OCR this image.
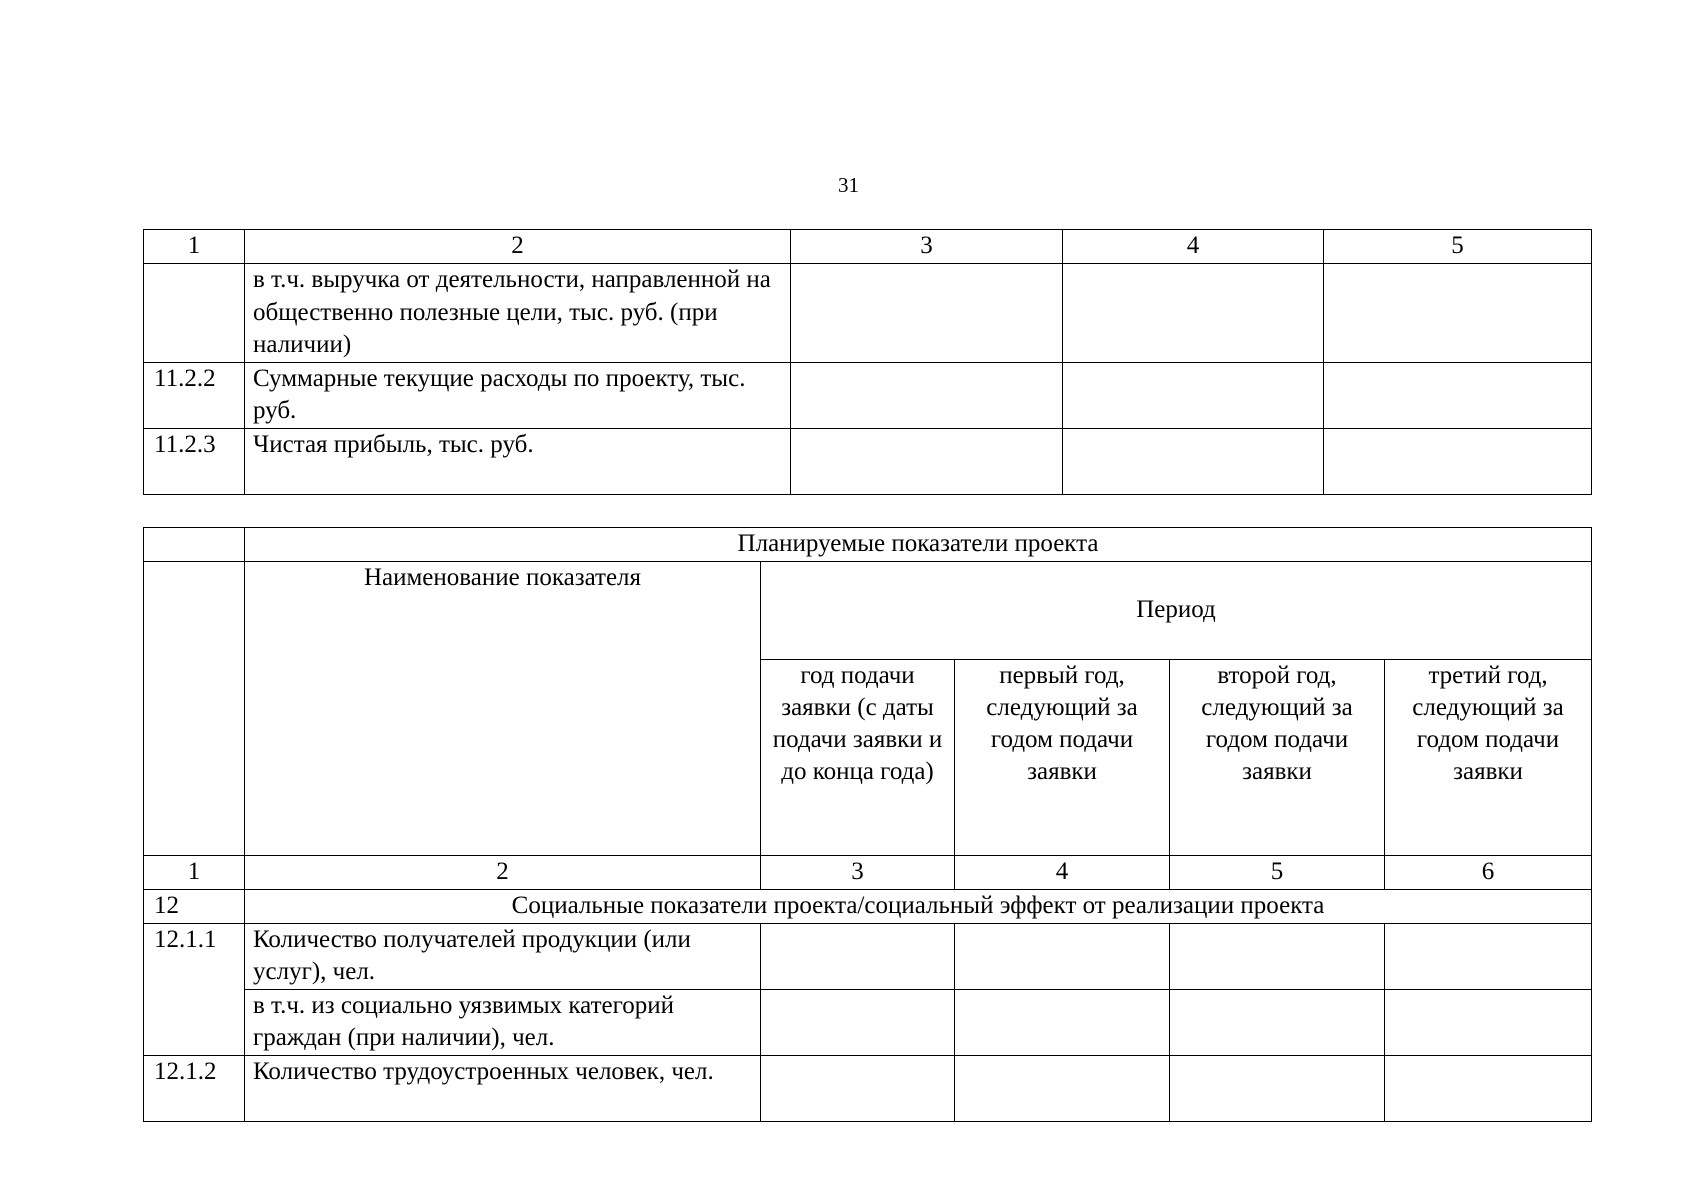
31
1	2	3	4	5
	в т.ч. выручка от деятельности, направленной на общественно полезные цели, тыс. руб. (при наличии)			
11.2.2	Суммарные текущие расходы по проекту, тыс. руб.			
11.2.3	Чистая прибыль, тыс. руб.			
	Планируемые показатели проекта				
	Наименование показателя	Период			

		год подачи заявки (с даты подачи заявки и до конца года)	первый год, следующий за годом подачи заявки	второй год, следующий за годом подачи заявки	третий год, следующий за годом подачи заявки
1	2	3	4	5	6
12	Социальные показатели проекта/социальный эффект от реализации проекта				
12.1.1	Количество получателей продукции (или услуг), чел.				
	в т.ч. из социально уязвимых категорий граждан (при наличии), чел.				
12.1.2	Количество трудоустроенных человек, чел.				
